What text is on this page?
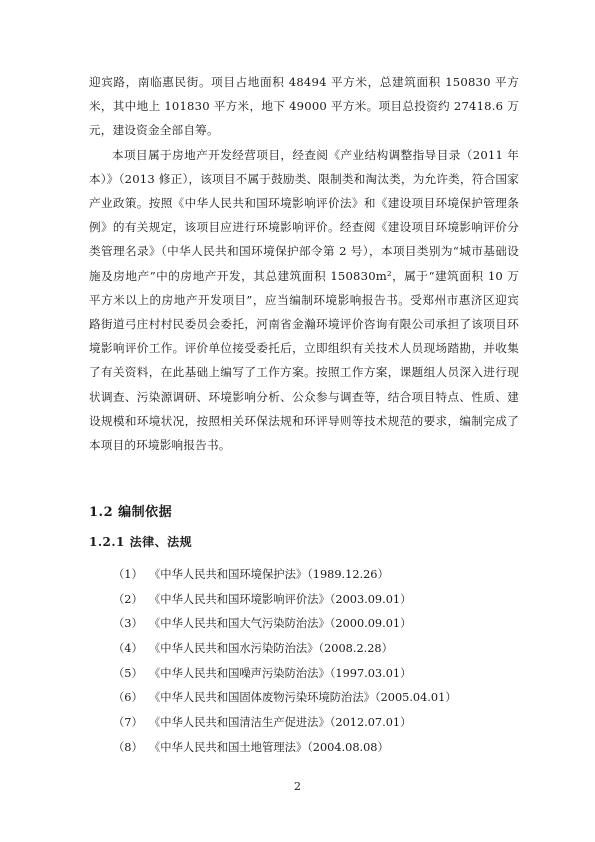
迎宾路，南临惠民街。项目占地面积 48494 平方米，总建筑面积 150830 平方米，其中地上 101830 平方米，地下 49000 平方米。项目总投资约 27418.6 万元，建设资金全部自筹。

本项目属于房地产开发经营项目，经查阅《产业结构调整指导目录（2011 年本）》（2013 修正），该项目不属于鼓励类、限制类和淘汰类，为允许类，符合国家产业政策。按照《中华人民共和国环境影响评价法》和《建设项目环境保护管理条例》的有关规定，该项目应进行环境影响评价。经查阅《建设项目环境影响评价分类管理名录》（中华人民共和国环境保护部令第 2 号），本项目类别为“城市基础设施及房地产”中的房地产开发，其总建筑面积 150830m²，属于“建筑面积 10 万平方米以上的房地产开发项目”，应当编制环境影响报告书。受郑州市惠济区迎宾路街道弓庄村村民委员会委托，河南省金瀚环境评价咨询有限公司承担了该项目环境影响评价工作。评价单位接受委托后，立即组织有关技术人员现场踏勘，并收集了有关资料，在此基础上编写了工作方案。按照工作方案，课题组人员深入进行现状调查、污染源调研、环境影响分析、公众参与调查等，结合项目特点、性质、建设规模和环境状况，按照相关环保法规和环评导则等技术规范的要求，编制完成了本项目的环境影响报告书。

1.2 编制依据
1.2.1 法律、法规
（1） 《中华人民共和国环境保护法》（1989.12.26）
（2） 《中华人民共和国环境影响评价法》（2003.09.01）
（3） 《中华人民共和国大气污染防治法》（2000.09.01）
（4） 《中华人民共和国水污染防治法》（2008.2.28）
（5） 《中华人民共和国噪声污染防治法》（1997.03.01）
（6） 《中华人民共和国固体废物污染环境防治法》（2005.04.01）
（7） 《中华人民共和国清洁生产促进法》（2012.07.01）
（8） 《中华人民共和国土地管理法》（2004.08.08）
2
